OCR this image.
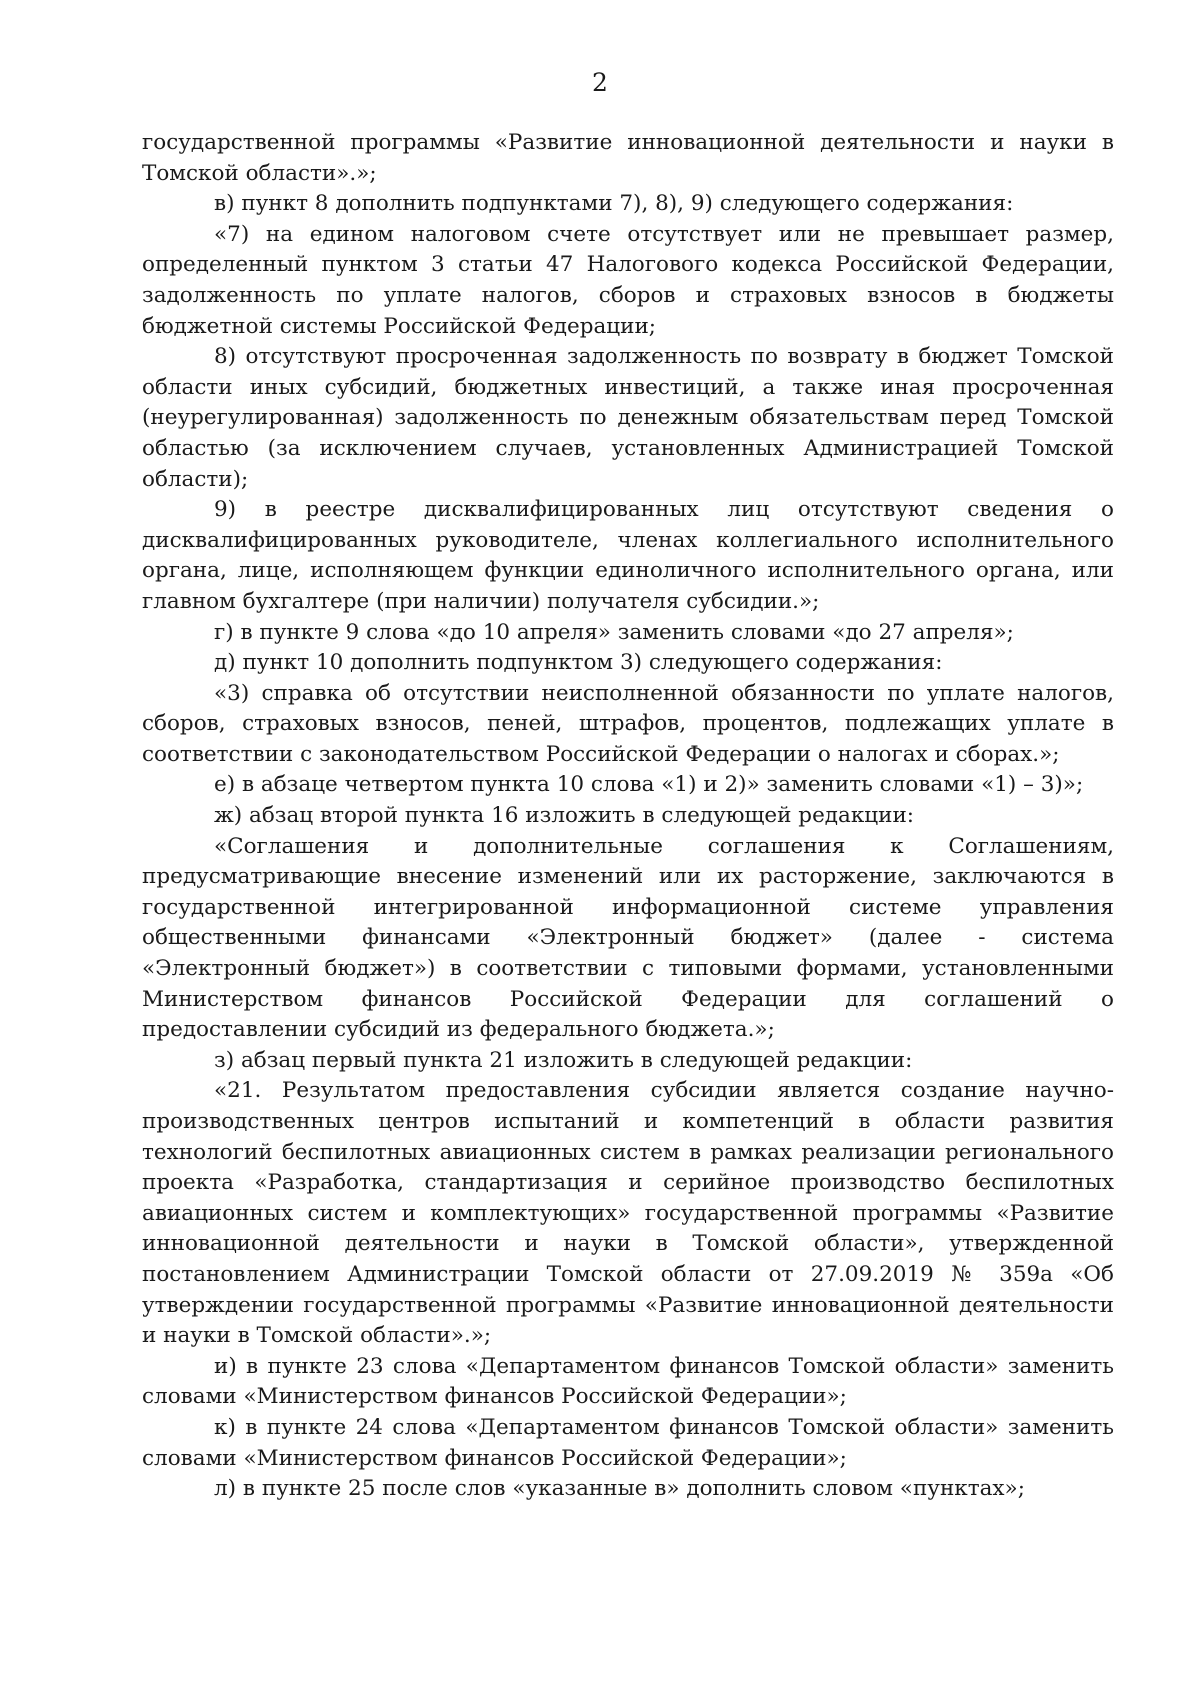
2

государственной программы «Развитие инновационной деятельности и науки в Томской области».»;

в) пункт 8 дополнить подпунктами 7), 8), 9) следующего содержания:

«7) на едином налоговом счете отсутствует или не превышает размер, определенный пунктом 3 статьи 47 Налогового кодекса Российской Федерации, задолженность по уплате налогов, сборов и страховых взносов в бюджеты бюджетной системы Российской Федерации;

8) отсутствуют просроченная задолженность по возврату в бюджет Томской области иных субсидий, бюджетных инвестиций, а также иная просроченная (неурегулированная) задолженность по денежным обязательствам перед Томской областью (за исключением случаев, установленных Администрацией Томской области);

9) в реестре дисквалифицированных лиц отсутствуют сведения о дисквалифицированных руководителе, членах коллегиального исполнительного органа, лице, исполняющем функции единоличного исполнительного органа, или главном бухгалтере (при наличии) получателя субсидии.»;

г) в пункте 9 слова «до 10 апреля» заменить словами «до 27 апреля»;

д) пункт 10 дополнить подпунктом 3) следующего содержания:

«3) справка об отсутствии неисполненной обязанности по уплате налогов, сборов, страховых взносов, пеней, штрафов, процентов, подлежащих уплате в соответствии с законодательством Российской Федерации о налогах и сборах.»;

е) в абзаце четвертом пункта 10 слова «1) и 2)» заменить словами «1) – 3)»;

ж) абзац второй пункта 16 изложить в следующей редакции:

«Соглашения и дополнительные соглашения к Соглашениям, предусматривающие внесение изменений или их расторжение, заключаются в государственной интегрированной информационной системе управления общественными финансами «Электронный бюджет» (далее - система «Электронный бюджет») в соответствии с типовыми формами, установленными Министерством финансов Российской Федерации для соглашений о предоставлении субсидий из федерального бюджета.»;

з) абзац первый пункта 21 изложить в следующей редакции:

«21. Результатом предоставления субсидии является создание научно-производственных центров испытаний и компетенций в области развития технологий беспилотных авиационных систем в рамках реализации регионального проекта «Разработка, стандартизация и серийное производство беспилотных авиационных систем и комплектующих» государственной программы «Развитие инновационной деятельности и науки в Томской области», утвержденной постановлением Администрации Томской области от 27.09.2019 № 359а «Об утверждении государственной программы «Развитие инновационной деятельности и науки в Томской области».»;

и) в пункте 23 слова «Департаментом финансов Томской области» заменить словами «Министерством финансов Российской Федерации»;

к) в пункте 24 слова «Департаментом финансов Томской области» заменить словами «Министерством финансов Российской Федерации»;

л) в пункте 25 после слов «указанные в» дополнить словом «пунктах»;
